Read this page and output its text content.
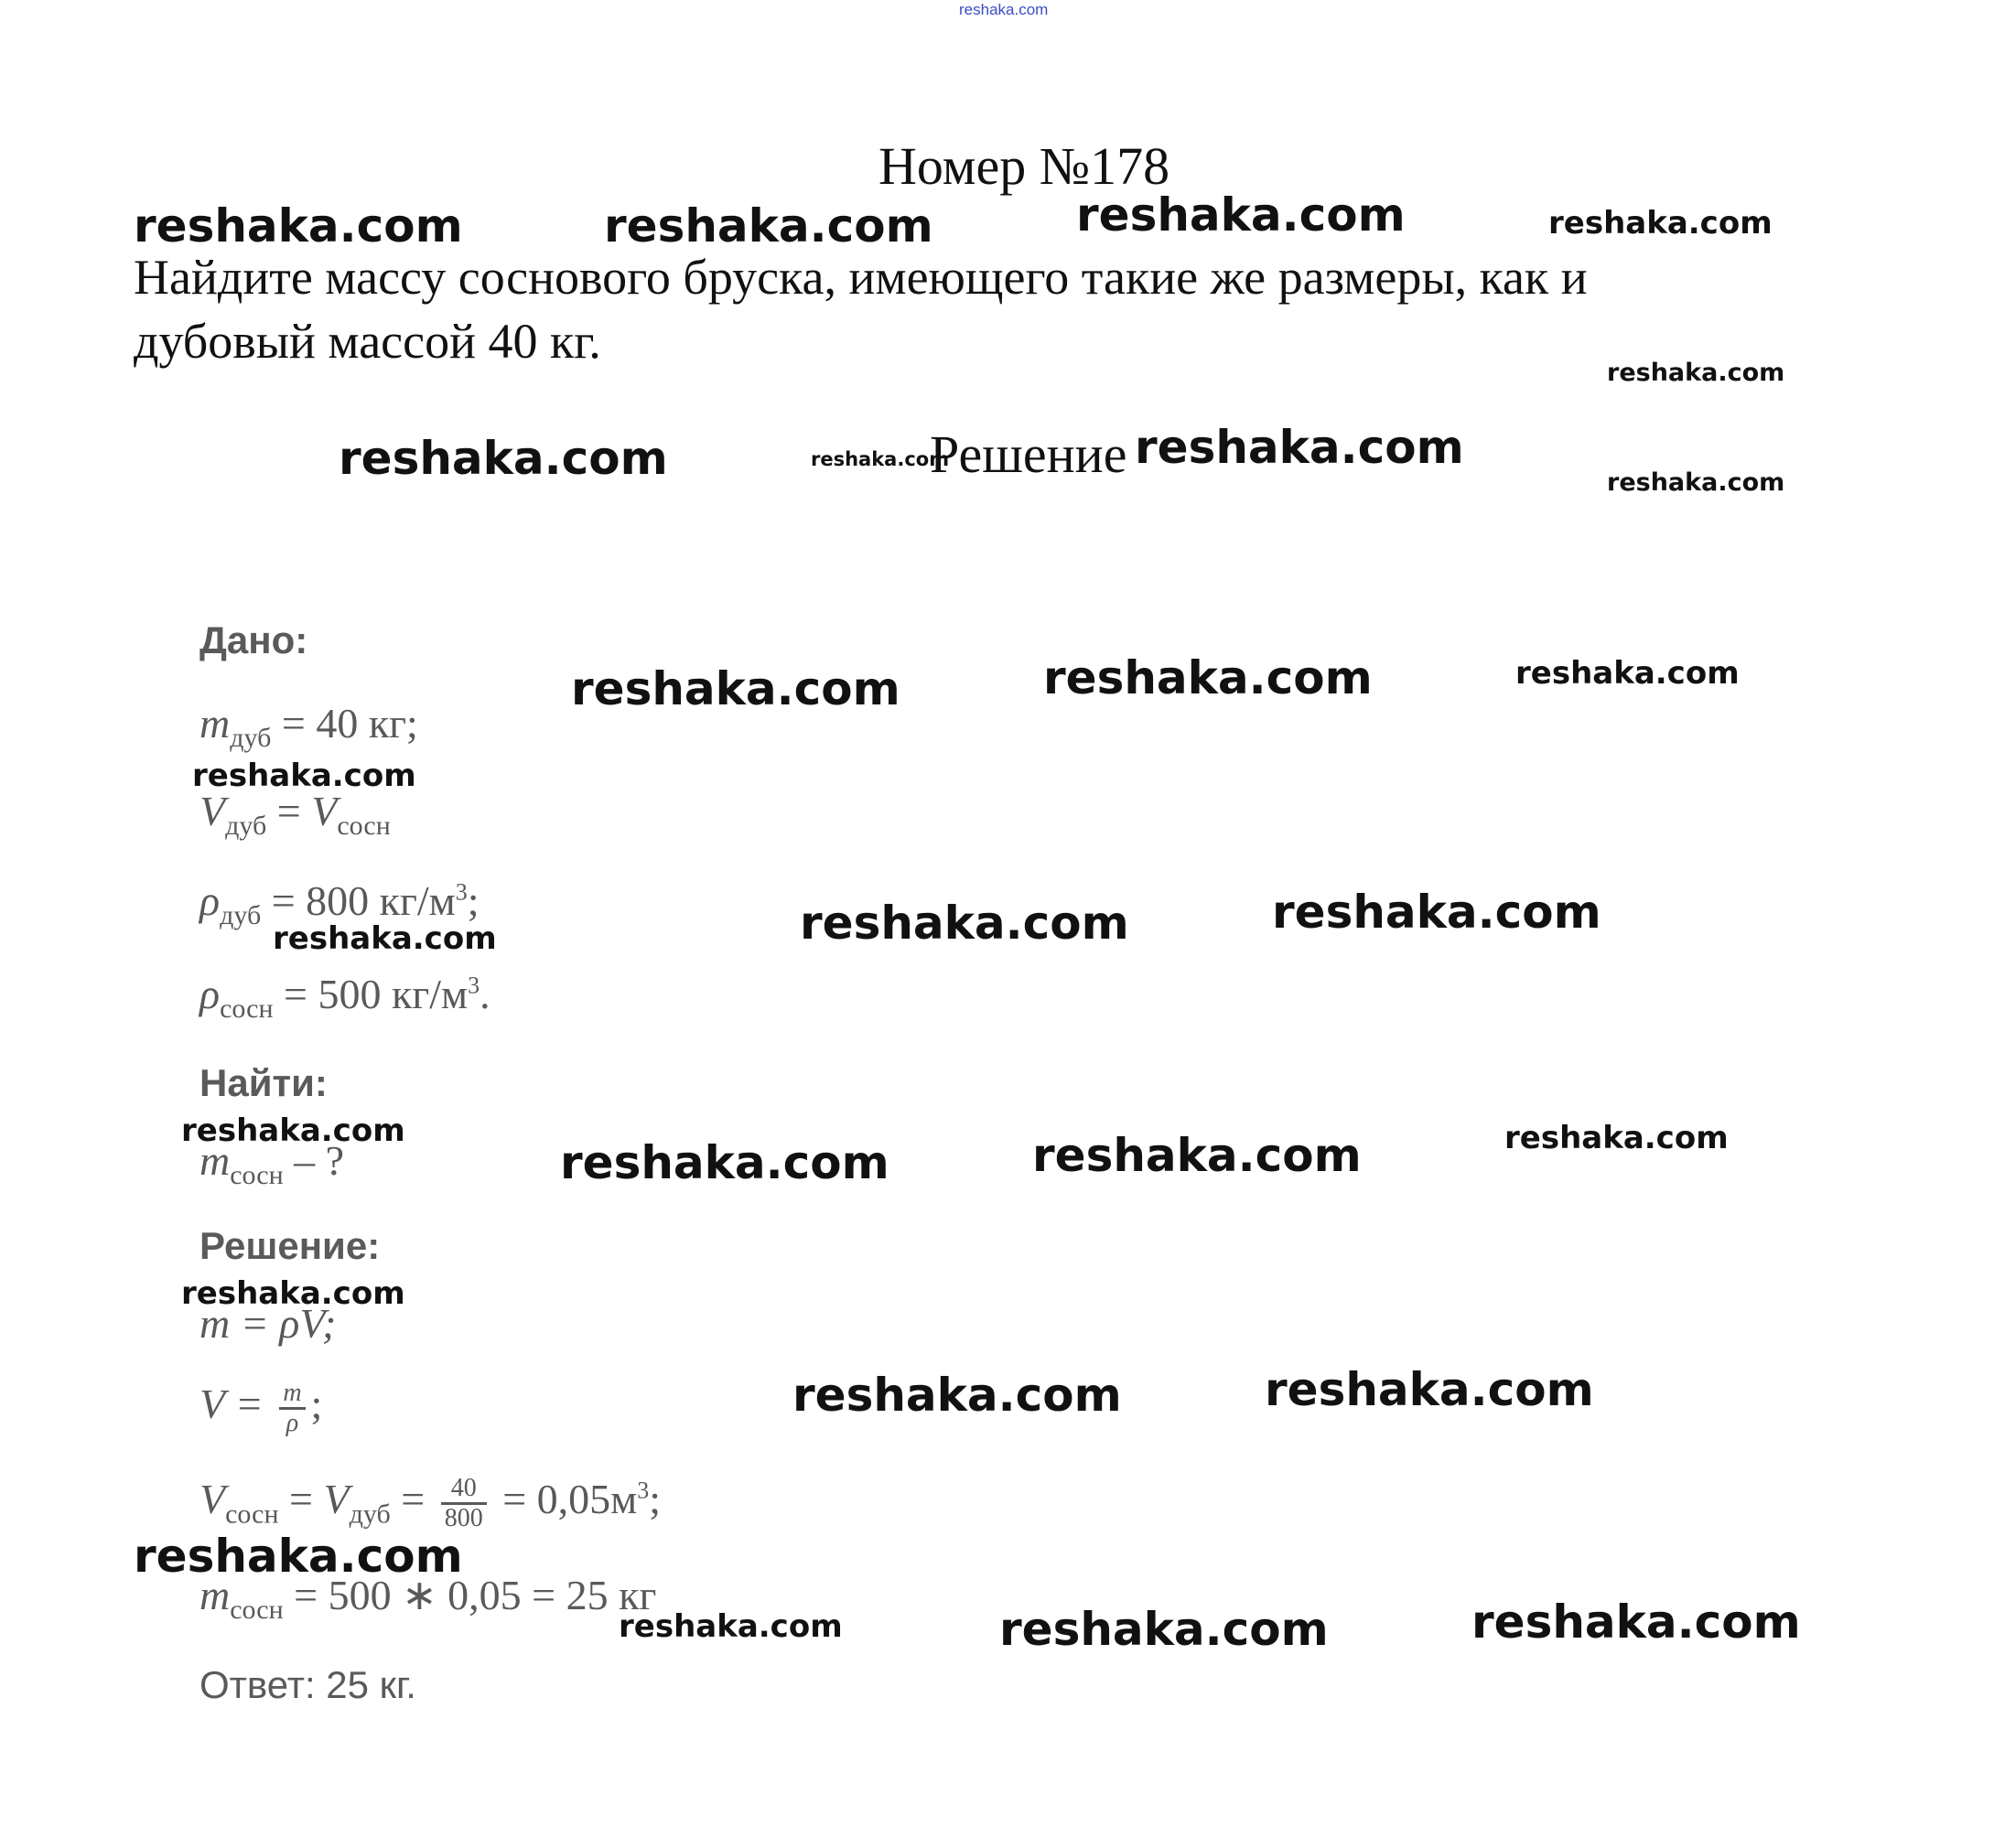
reshaka.com
Номер №178
Найдите массу соснового бруска, имеющего такие же размеры, как и дубовый массой 40 кг.
Решение
Дано:
$m_{дуб} = 40$ кг;
$V_{дуб} = V_{сосн}$
$\rho_{дуб} = 800$ $кг/м^3$;
$\rho_{сосн} = 500$ $кг/м^3$.
Найти:
$m_{сосн}$ – ?
Решение:
m = ρV;
$V = \frac{m}{\rho}$ ;
$V_{сосн} = V_{дуб} = \frac{40}{800} = 0,05м^3$;
$m_{сосн} = 500$ ∗ 0,05 = 25 кг
Ответ: 25 кг.
reshaka.com	reshaka.com	reshaka.com	reshaka.com
reshaka.com
reshaka.com	reshaka.com	reshaka.com
reshaka.com
reshaka.com	reshaka.com	reshaka.com
reshaka.com
reshaka.com	reshaka.com	reshaka.com
reshaka.com
reshaka.com	reshaka.com	reshaka.com
reshaka.com
reshaka.com	reshaka.com
reshaka.com
reshaka.com	reshaka.com	reshaka.com
